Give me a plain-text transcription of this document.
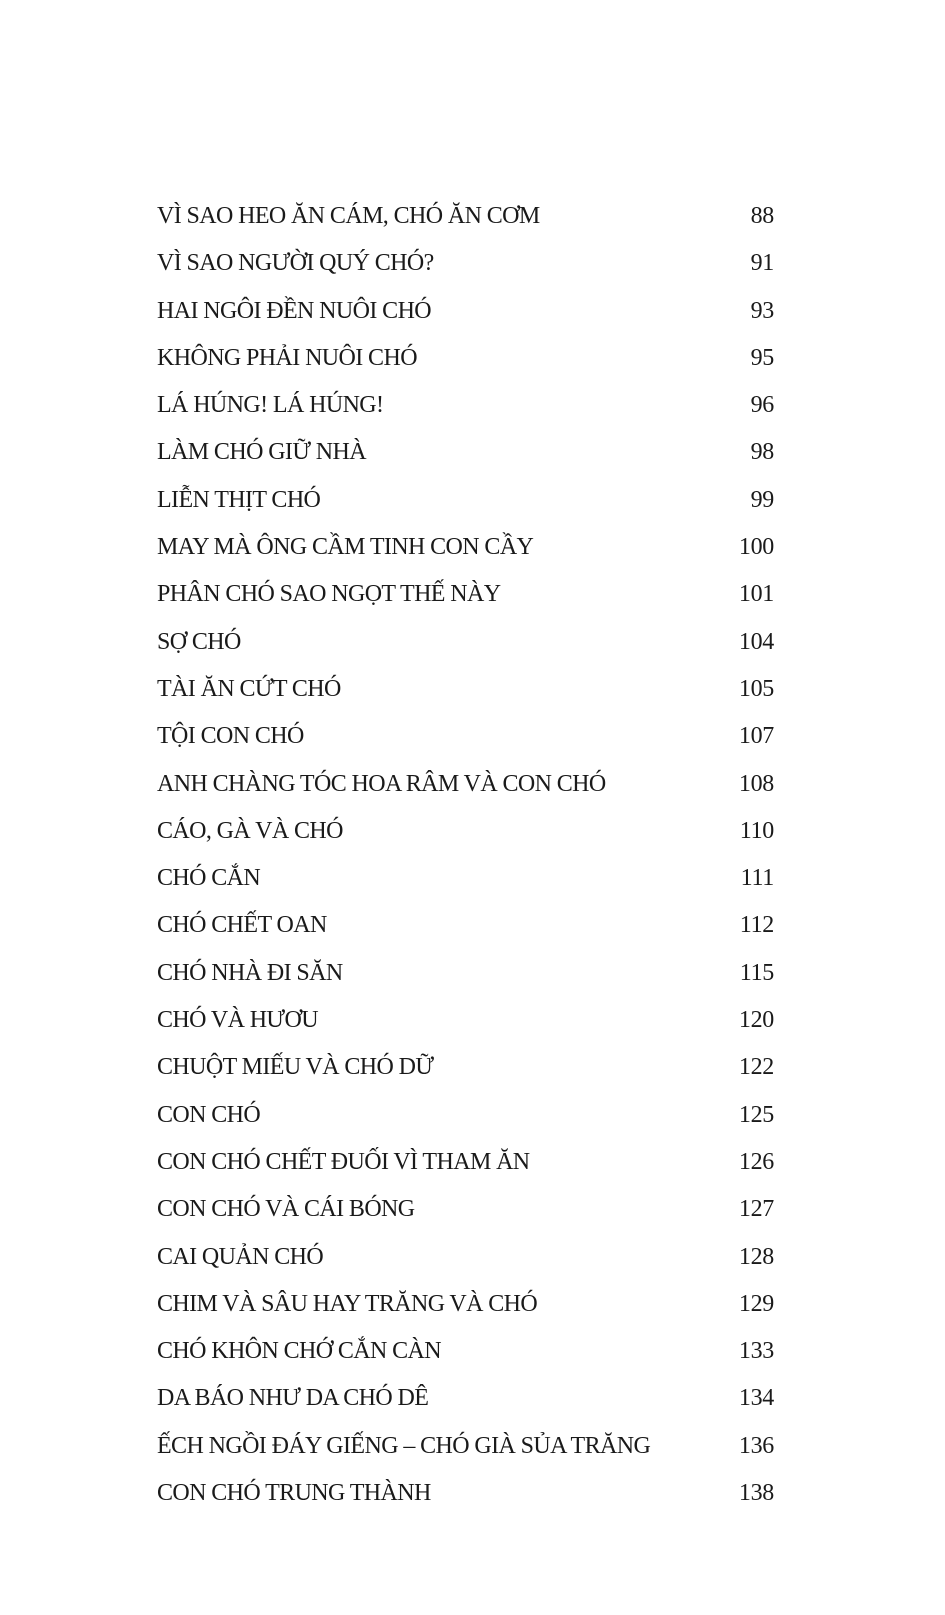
VÌ SAO HEO ĂN CÁM, CHÓ ĂN CƠM	88
VÌ SAO NGƯỜI QUÝ CHÓ?	91
HAI NGÔI ĐỀN NUÔI CHÓ	93
KHÔNG PHẢI NUÔI CHÓ	95
LÁ HÚNG! LÁ HÚNG!	96
LÀM CHÓ GIỮ NHÀ	98
LIỄN THỊT CHÓ	99
MAY MÀ ÔNG CẦM TINH CON CẦY	100
PHÂN CHÓ SAO NGỌT THẾ NÀY	101
SỢ CHÓ	104
TÀI ĂN CỨT CHÓ	105
TỘI CON CHÓ	107
ANH CHÀNG TÓC HOA RÂM VÀ CON CHÓ	108
CÁO, GÀ VÀ CHÓ	110
CHÓ CẮN	111
CHÓ CHẾT OAN	112
CHÓ NHÀ ĐI SĂN	115
CHÓ VÀ HƯƠU	120
CHUỘT MIẾU VÀ CHÓ DỮ	122
CON CHÓ	125
CON CHÓ CHẾT ĐUỐI VÌ THAM ĂN	126
CON CHÓ VÀ CÁI BÓNG	127
CAI QUẢN CHÓ	128
CHIM VÀ SÂU HAY TRĂNG VÀ CHÓ	129
CHÓ KHÔN CHỚ CẮN CÀN	133
DA BÁO NHƯ DA CHÓ DÊ	134
ẾCH NGỒI ĐÁY GIẾNG – CHÓ GIÀ SỦA TRĂNG	136
CON CHÓ TRUNG THÀNH	138
